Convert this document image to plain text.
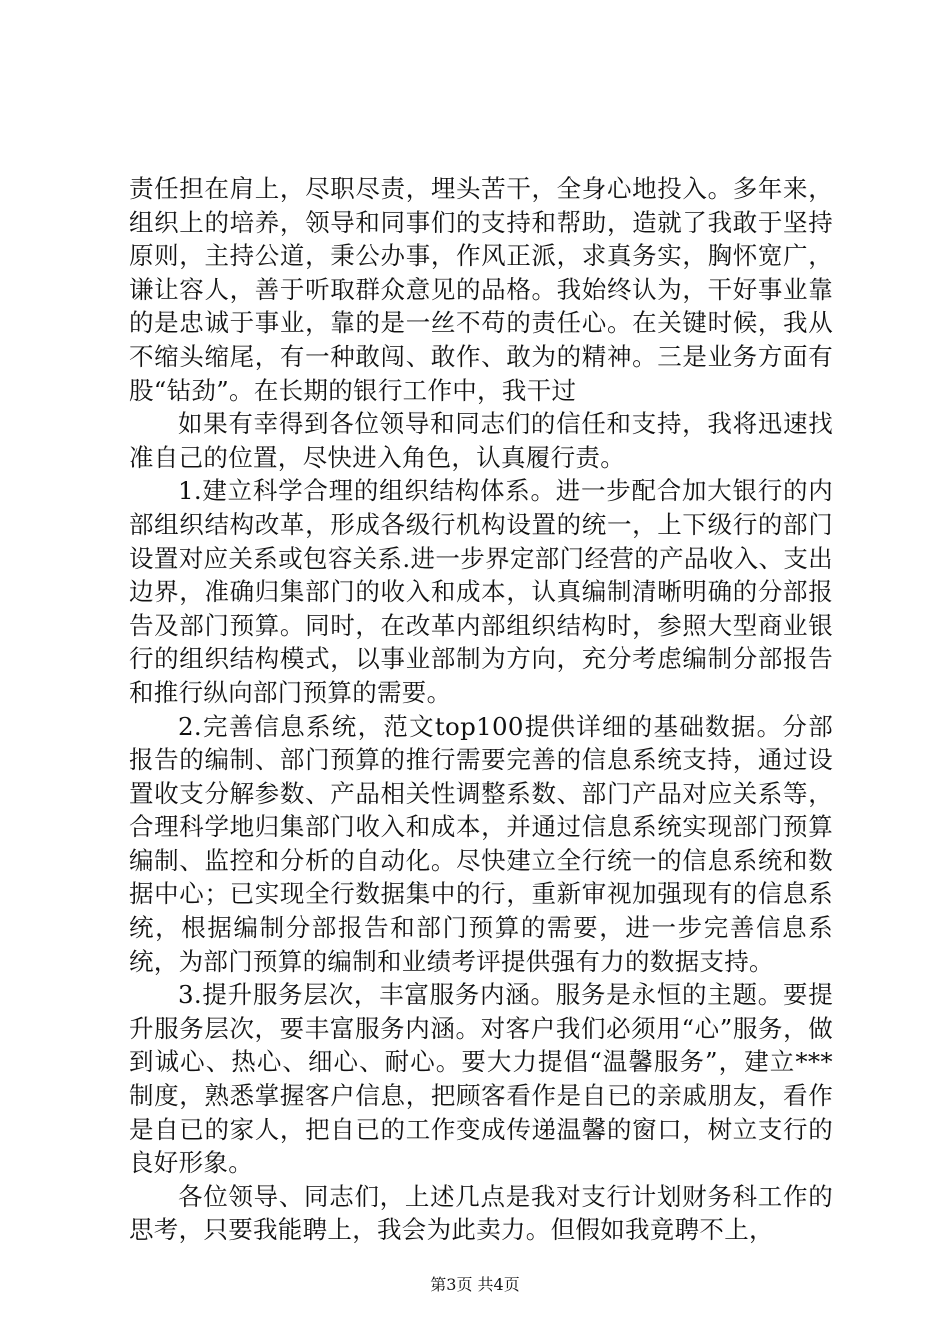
责任担在肩上，尽职尽责，埋头苦干，全身心地投入。多年来，组织上的培养，领导和同事们的支持和帮助，造就了我敢于坚持原则，主持公道，秉公办事，作风正派，求真务实，胸怀宽广，谦让容人，善于听取群众意见的品格。我始终认为，干好事业靠的是忠诚于事业，靠的是一丝不苟的责任心。在关键时候，我从不缩头缩尾，有一种敢闯、敢作、敢为的精神。三是业务方面有股“钻劲”。在长期的银行工作中，我干过

如果有幸得到各位领导和同志们的信任和支持，我将迅速找准自己的位置，尽快进入角色，认真履行责。

1.建立科学合理的组织结构体系。进一步配合加大银行的内部组织结构改革，形成各级行机构设置的统一，上下级行的部门设置对应关系或包容关系.进一步界定部门经营的产品收入、支出边界，准确归集部门的收入和成本，认真编制清晰明确的分部报告及部门预算。同时，在改革内部组织结构时，参照大型商业银行的组织结构模式，以事业部制为方向，充分考虑编制分部报告和推行纵向部门预算的需要。

2.完善信息系统，范文top100提供详细的基础数据。分部报告的编制、部门预算的推行需要完善的信息系统支持，通过设置收支分解参数、产品相关性调整系数、部门产品对应关系等，合理科学地归集部门收入和成本，并通过信息系统实现部门预算编制、监控和分析的自动化。尽快建立全行统一的信息系统和数据中心；已实现全行数据集中的行，重新审视加强现有的信息系统，根据编制分部报告和部门预算的需要，进一步完善信息系统，为部门预算的编制和业绩考评提供强有力的数据支持。

3.提升服务层次，丰富服务内涵。服务是永恒的主题。要提升服务层次，要丰富服务内涵。对客户我们必须用“心”服务，做到诚心、热心、细心、耐心。要大力提倡“温馨服务”，建立***制度，熟悉掌握客户信息，把顾客看作是自已的亲戚朋友，看作是自已的家人，把自已的工作变成传递温馨的窗口，树立支行的良好形象。

各位领导、同志们，上述几点是我对支行计划财务科工作的思考，只要我能聘上，我会为此卖力。但假如我竟聘不上，

第3页 共4页
